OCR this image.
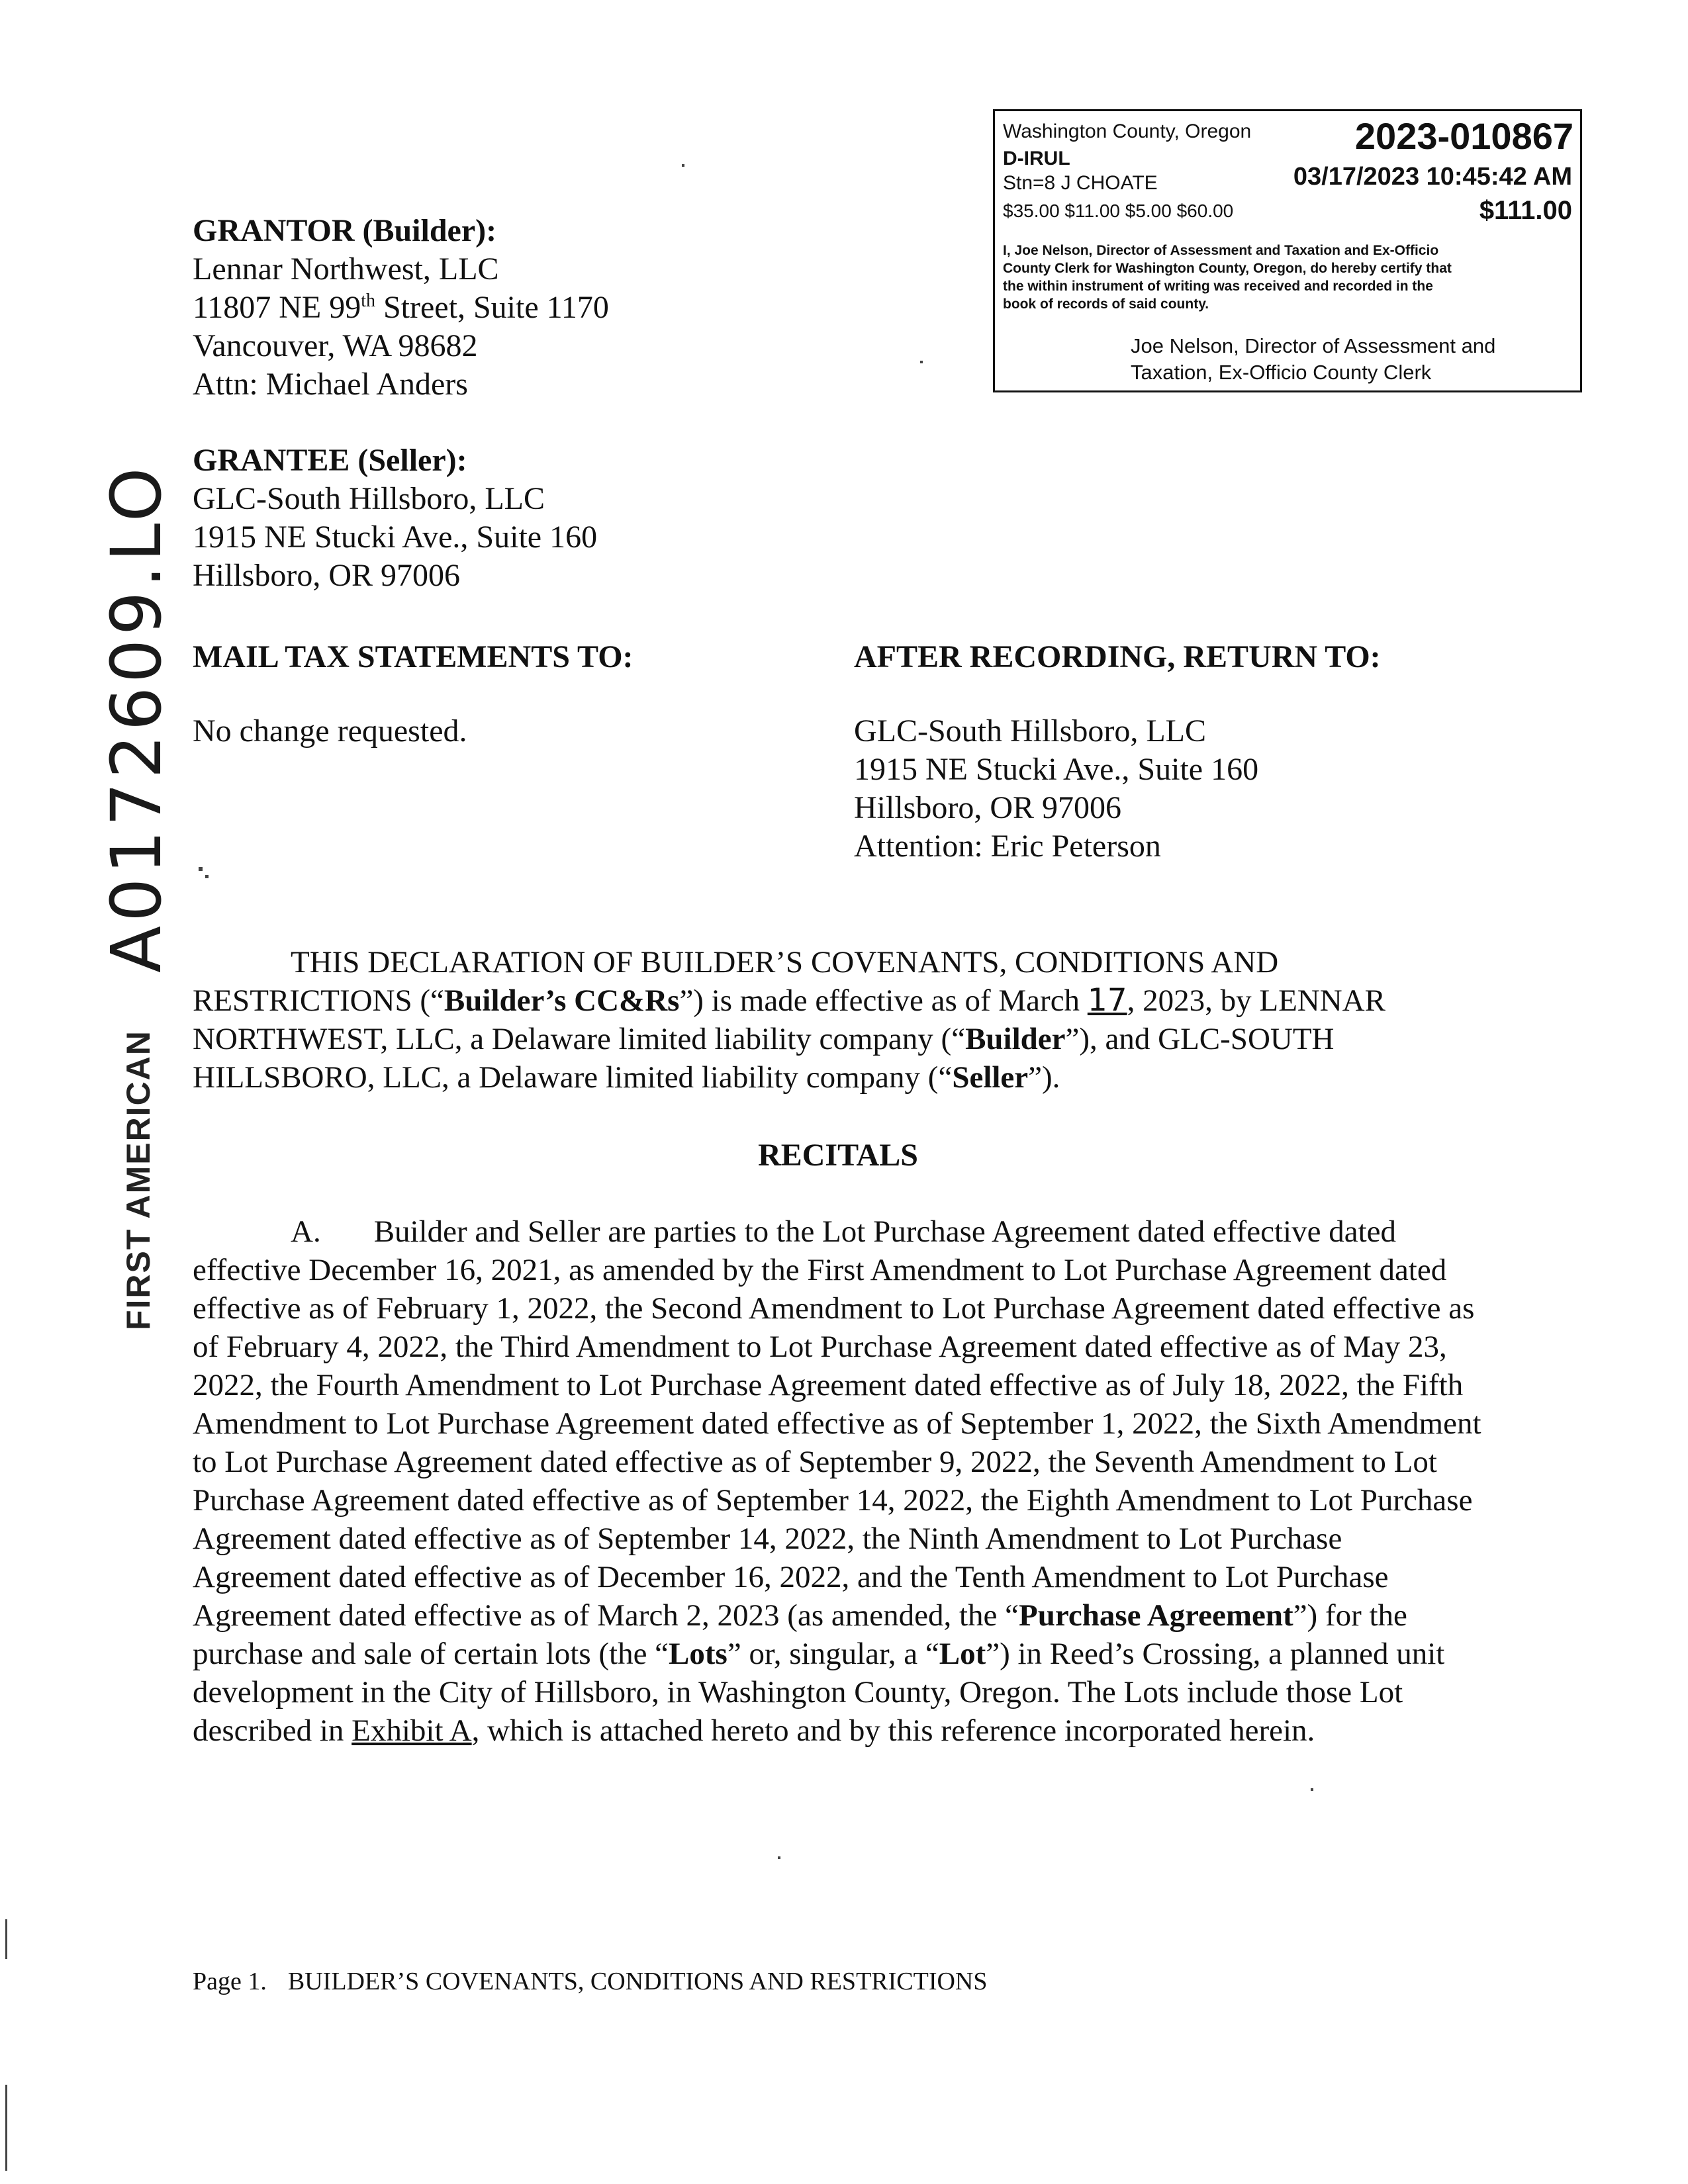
Washington County, Oregon	2023-010867
D-IRUL
Stn=8 J CHOATE	03/17/2023 10:45:42 AM
$35.00 $11.00 $5.00 $60.00	$111.00
I, Joe Nelson, Director of Assessment and Taxation and Ex-Officio
County Clerk for Washington County, Oregon, do hereby certify that
the within instrument of writing was received and recorded in the
book of records of said county.
Joe Nelson, Director of Assessment and
Taxation, Ex-Officio County Clerk
GRANTOR (Builder):
Lennar Northwest, LLC
11807 NE 99th Street, Suite 1170
Vancouver, WA 98682
Attn: Michael Anders
GRANTEE (Seller):
GLC-South Hillsboro, LLC
1915 NE Stucki Ave., Suite 160
Hillsboro, OR 97006
MAIL TAX STATEMENTS TO:
No change requested.
AFTER RECORDING, RETURN TO:
GLC-South Hillsboro, LLC
1915 NE Stucki Ave., Suite 160
Hillsboro, OR 97006
Attention: Eric Peterson

THIS DECLARATION OF BUILDER’S COVENANTS, CONDITIONS AND RESTRICTIONS (“Builder’s CC&Rs”) is made effective as of March 17, 2023, by LENNAR NORTHWEST, LLC, a Delaware limited liability company (“Builder”), and GLC-SOUTH HILLSBORO, LLC, a Delaware limited liability company (“Seller”).

RECITALS

A. Builder and Seller are parties to the Lot Purchase Agreement dated effective dated effective December 16, 2021, as amended by the First Amendment to Lot Purchase Agreement dated effective as of February 1, 2022, the Second Amendment to Lot Purchase Agreement dated effective as of February 4, 2022, the Third Amendment to Lot Purchase Agreement dated effective as of May 23, 2022, the Fourth Amendment to Lot Purchase Agreement dated effective as of July 18, 2022, the Fifth Amendment to Lot Purchase Agreement dated effective as of September 1, 2022, the Sixth Amendment to Lot Purchase Agreement dated effective as of September 9, 2022, the Seventh Amendment to Lot Purchase Agreement dated effective as of September 14, 2022, the Eighth Amendment to Lot Purchase Agreement dated effective as of September 14, 2022, the Ninth Amendment to Lot Purchase Agreement dated effective as of December 16, 2022, and the Tenth Amendment to Lot Purchase Agreement dated effective as of March 2, 2023 (as amended, the “Purchase Agreement”) for the purchase and sale of certain lots (the “Lots” or, singular, a “Lot”) in Reed’s Crossing, a planned unit development in the City of Hillsboro, in Washington County, Oregon. The Lots include those Lot described in Exhibit A, which is attached hereto and by this reference incorporated herein.

Page 1. BUILDER’S COVENANTS, CONDITIONS AND RESTRICTIONS
FIRST AMERICAN
A0172609.LO
